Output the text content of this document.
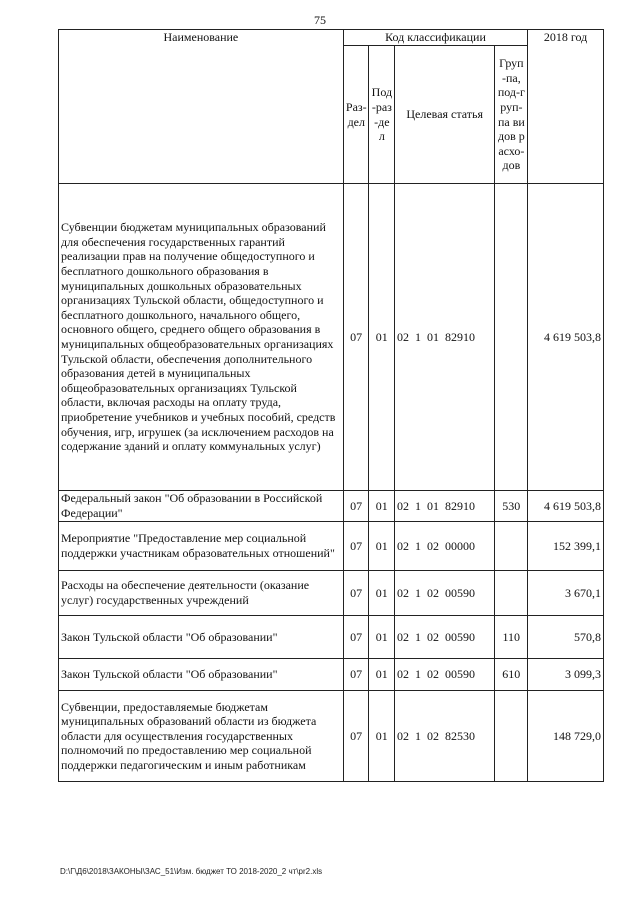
75
Наименование	Код классификации				2018 год

	Раз-дел	Под-раз-дел	Целевая статья	Груп-па, под-груп-па видов расхо-дов	

Субвенции бюджетам муниципальных образований для обеспечения государственных гарантий реализации прав на получение общедоступного и бесплатного дошкольного образования в муниципальных дошкольных образовательных организациях Тульской области, общедоступного и бесплатного дошкольного, начального общего, основного общего, среднего общего образования в муниципальных общеобразовательных организациях Тульской области, обеспечения дополнительного образования детей в муниципальных общеобразовательных организациях Тульской области, включая расходы на оплату труда, приобретение учебников и учебных пособий, средств обучения, игр, игрушек (за исключением расходов на содержание зданий и оплату коммунальных услуг)	07	01	02 1 01 82910		4 619 503,8
Федеральный закон "Об образовании в Российской Федерации"	07	01	02 1 01 82910	530	4 619 503,8
Мероприятие "Предоставление мер социальной поддержки участникам образовательных отношений"	07	01	02 1 02 00000		152 399,1
Расходы на обеспечение деятельности (оказание услуг) государственных учреждений	07	01	02 1 02 00590		3 670,1
Закон Тульской области "Об образовании"	07	01	02 1 02 00590	110	570,8
Закон Тульской области "Об образовании"	07	01	02 1 02 00590	610	3 099,3
Субвенции, предоставляемые бюджетам муниципальных образований области из бюджета области для осуществления государственных полномочий по предоставлению мер социальной поддержки педагогическим и иным работникам	07	01	02 1 02 82530		148 729,0
D:\Г\Д6\2018\ЗАКОНЫ\ЗАС_51\Изм. бюджет ТО 2018-2020_2 чт\pr2.xls
